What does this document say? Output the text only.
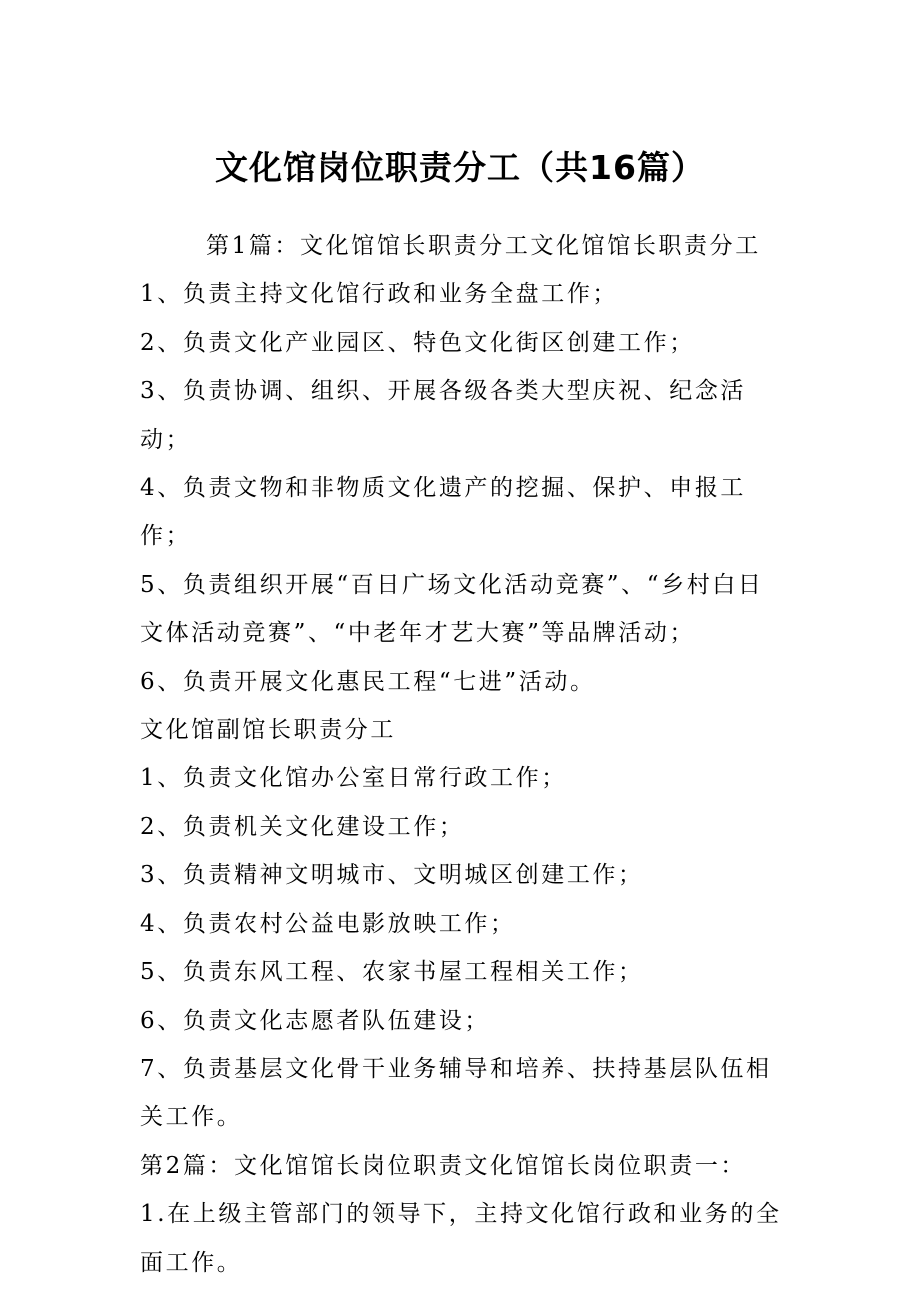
文化馆岗位职责分工（共16篇）

第1篇：文化馆馆长职责分工文化馆馆长职责分工

1、负责主持文化馆行政和业务全盘工作；

2、负责文化产业园区、特色文化街区创建工作；

3、负责协调、组织、开展各级各类大型庆祝、纪念活动；

4、负责文物和非物质文化遗产的挖掘、保护、申报工作；

5、负责组织开展“百日广场文化活动竞赛”、“乡村白日文体活动竞赛”、“中老年才艺大赛”等品牌活动；

6、负责开展文化惠民工程“七进”活动。

文化馆副馆长职责分工

1、负责文化馆办公室日常行政工作；

2、负责机关文化建设工作；

3、负责精神文明城市、文明城区创建工作；

4、负责农村公益电影放映工作；

5、负责东风工程、农家书屋工程相关工作；

6、负责文化志愿者队伍建设；

7、负责基层文化骨干业务辅导和培养、扶持基层队伍相关工作。

第2篇：文化馆馆长岗位职责文化馆馆长岗位职责一：

1.在上级主管部门的领导下，主持文化馆行政和业务的全面工作。
